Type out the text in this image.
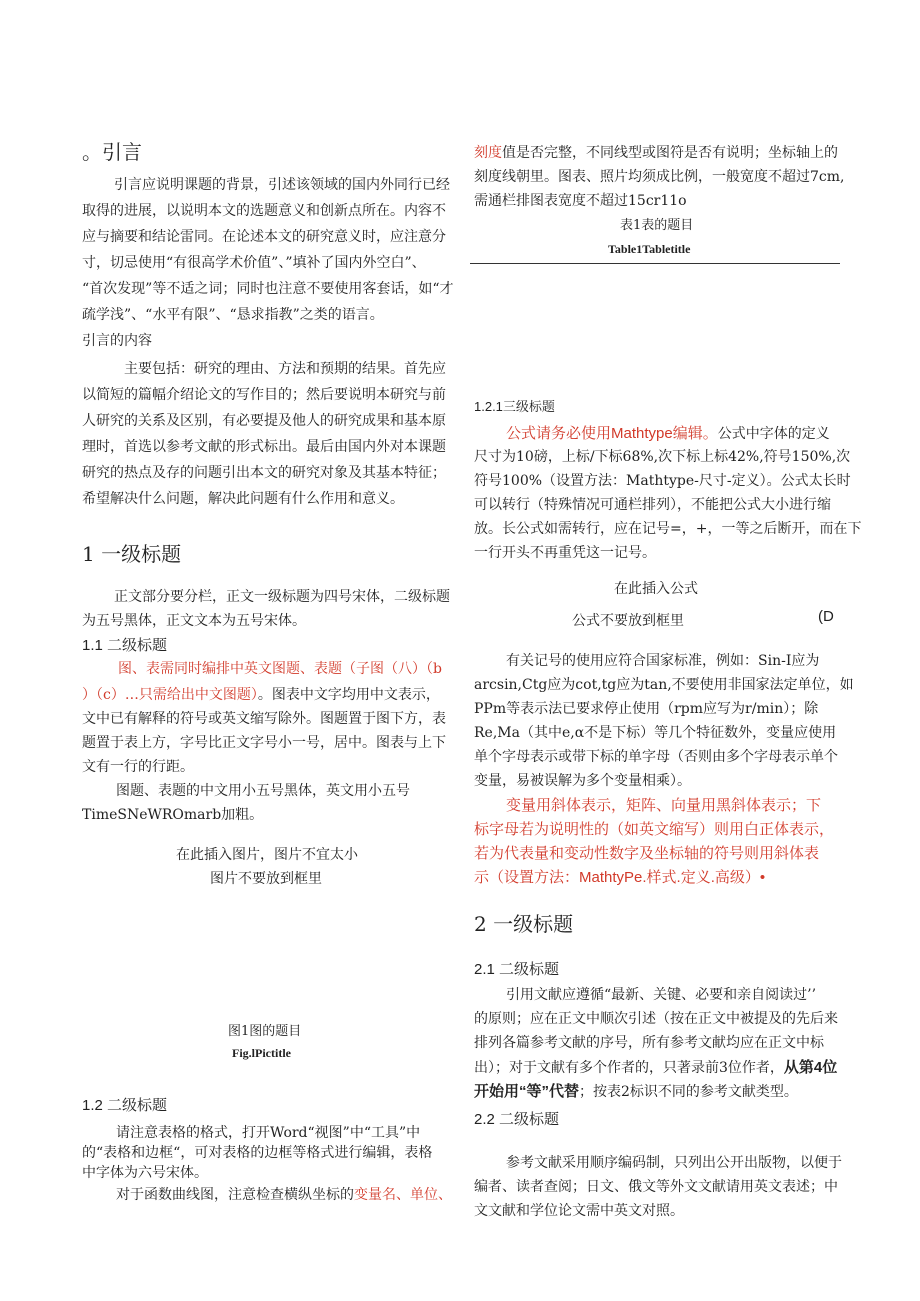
。引言
引言应说明课题的背景，引述该领域的国内外同行已经
取得的进展，以说明本文的选题意义和创新点所在。内容不
应与摘要和结论雷同。在论述本文的研究意义时，应注意分
寸，切忌使用“有很高学术价值”、”填补了国内外空白”、
“首次发现”等不适之词；同时也注意不要使用客套话，如“才
疏学浅”、“水平有限”、“恳求指教”之类的语言。
引言的内容
主要包括：研究的理由、方法和预期的结果。首先应
以简短的篇幅介绍论文的写作目的；然后要说明本研究与前
人研究的关系及区别，有必要提及他人的研究成果和基本原
理时，首选以参考文献的形式标出。最后由国内外对本课题
研究的热点及存的问题引出本文的研究对象及其基本特征；
希望解决什么问题，解决此问题有什么作用和意义。
1 一级标题
正文部分要分栏，正文一级标题为四号宋体，二级标题
为五号黑体，正文文本为五号宋体。
1.1 二级标题
图、表需同时编排中英文图题、表题（子图（八）（b
）（c）…只需给出中文图题）。图表中文字均用中文表示，
文中已有解释的符号或英文缩写除外。图题置于图下方，表
题置于表上方，字号比正文字号小一号，居中。图表与上下
文有一行的行距。
图题、表题的中文用小五号黑体，英文用小五号
TimeSNeWROmarb加粗。
在此插入图片，图片不宜太小
图片不要放到框里
图1图的题目
Fig.lPictitle
1.2 二级标题
请注意表格的格式，打开Word“视图”中“工具”中
的“表格和边框“，可对表格的边框等格式进行编辑，表格
中字体为六号宋体。
对于函数曲线图，注意检查横纵坐标的变量名、单位、
刻度值是否完整，不同线型或图符是否有说明；坐标轴上的
刻度线朝里。图表、照片均须成比例，一般宽度不超过7cm,
需通栏排图表宽度不超过15cr11o
表1表的题目
Table1Tabletitle
1.2.1三级标题
公式请务必使用Mathtype编辑。公式中字体的定义
尺寸为10磅，上标/下标68%,次下标上标42%,符号150%,次
符号100%（设置方法：Mathtype-尺寸-定义）。公式太长时
可以转行（特殊情况可通栏排列），不能把公式大小进行缩
放。长公式如需转行，应在记号=，+，一等之后断开，而在下
一行开头不再重凭这一记号。
在此插入公式
公式不要放到框里	(D
有关记号的使用应符合国家标准，例如：Sin-I应为
arcsin,Ctg应为cot,tg应为tan,不要使用非国家法定单位，如
PPm等表示法已要求停止使用（rpm应写为r/min）；除
Re,Ma（其中e,α不是下标）等几个特征数外，变量应使用
单个字母表示或带下标的单字母（否则由多个字母表示单个
变量，易被误解为多个变量相乘）。
变量用斜体表示，矩阵、向量用黑斜体表示；下
标字母若为说明性的（如英文缩写）则用白正体表示，
若为代表量和变动性数字及坐标轴的符号则用斜体表
示（设置方法：MathtyPe.样式.定义.高级）•
2 一级标题
2.1 二级标题
引用文献应遵循“最新、关键、必要和亲自阅读过’’
的原则；应在正文中顺次引述（按在正文中被提及的先后来
排列各篇参考文献的序号，所有参考文献均应在正文中标
出）；对于文献有多个作者的，只著录前3位作者，从第4位
开始用“等”代替；按表2标识不同的参考文献类型。
2.2 二级标题
参考文献采用顺序编码制，只列出公开出版物，以便于
编者、读者查阅；日文、俄文等外文文献请用英文表述；中
文文献和学位论文需中英文对照。
